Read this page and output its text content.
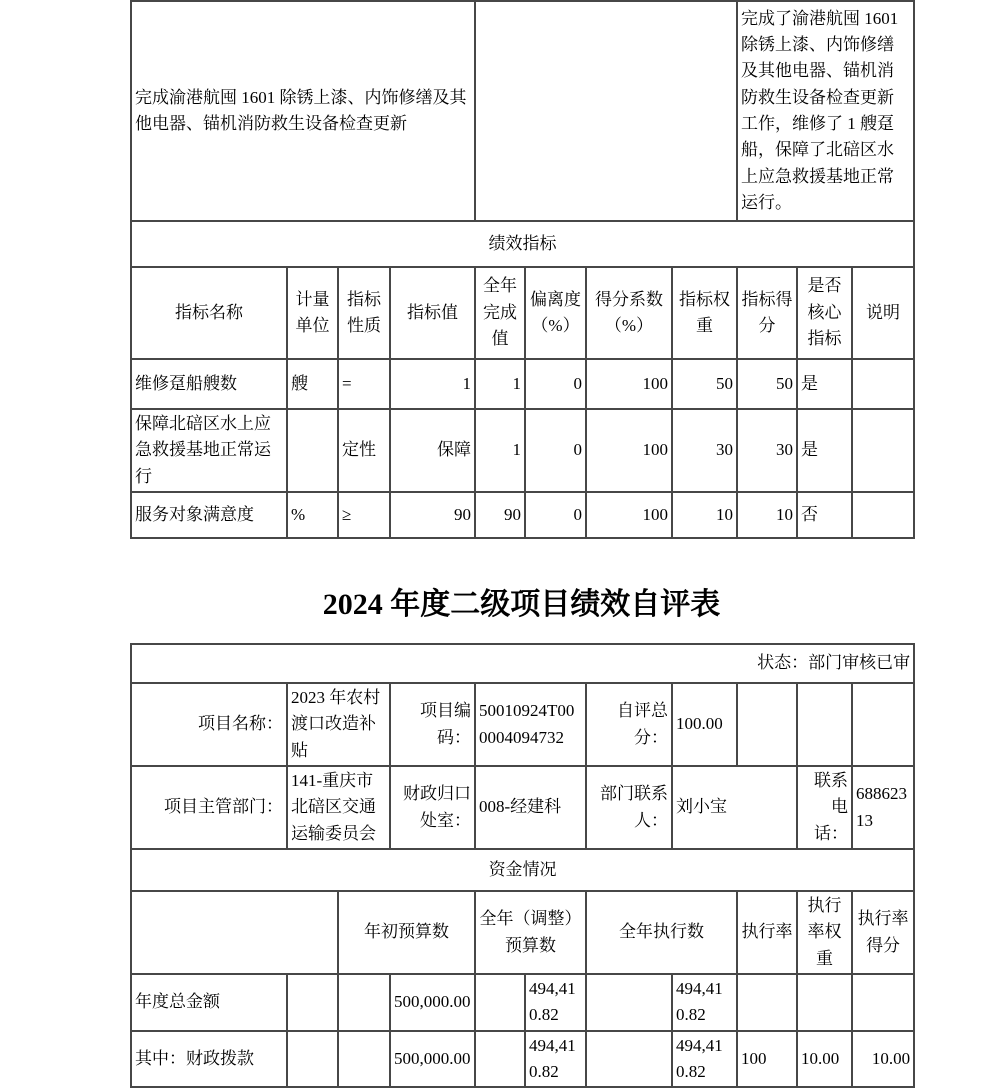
完成渝港航囤 1601 除锈上漆、内饰修缮及其他电器、锚机消防救生设备检查更新								完成了渝港航囤 1601 除锈上漆、内饰修缮及其他电器、锚机消防救生设备检查更新工作，维修了 1 艘趸船，保障了北碚区水上应急救援基地正常运行。		
绩效指标										
指标名称	计量单位	指标性质	指标值	全年完成值	偏离度（%）	得分系数（%）	指标权重	指标得分	是否核心指标	说明
维修趸船艘数	艘	=	1	1	0	100	50	50	是	
保障北碚区水上应急救援基地正常运行		定性	保障	1	0	100	30	30	是	
服务对象满意度	%	≥	90	90	0	100	10	10	否	
2024 年度二级项目绩效自评表
状态：部门审核已审										
项目名称：	2023 年农村渡口改造补贴		项目编码：	50010924T000004094732		自评总分：	100.00			
项目主管部门：	141-重庆市北碚区交通运输委员会		财政归口处室：	008-经建科		部门联系人：	刘小宝		联系电话：	68862313
资金情况										
		年初预算数		全年（调整）预算数		全年执行数		执行率	执行率权重	执行率得分
年度总金额			500,000.00		494,410.82		494,410.82			
其中：财政拨款			500,000.00		494,410.82		494,410.82	100	10.00	10.00
